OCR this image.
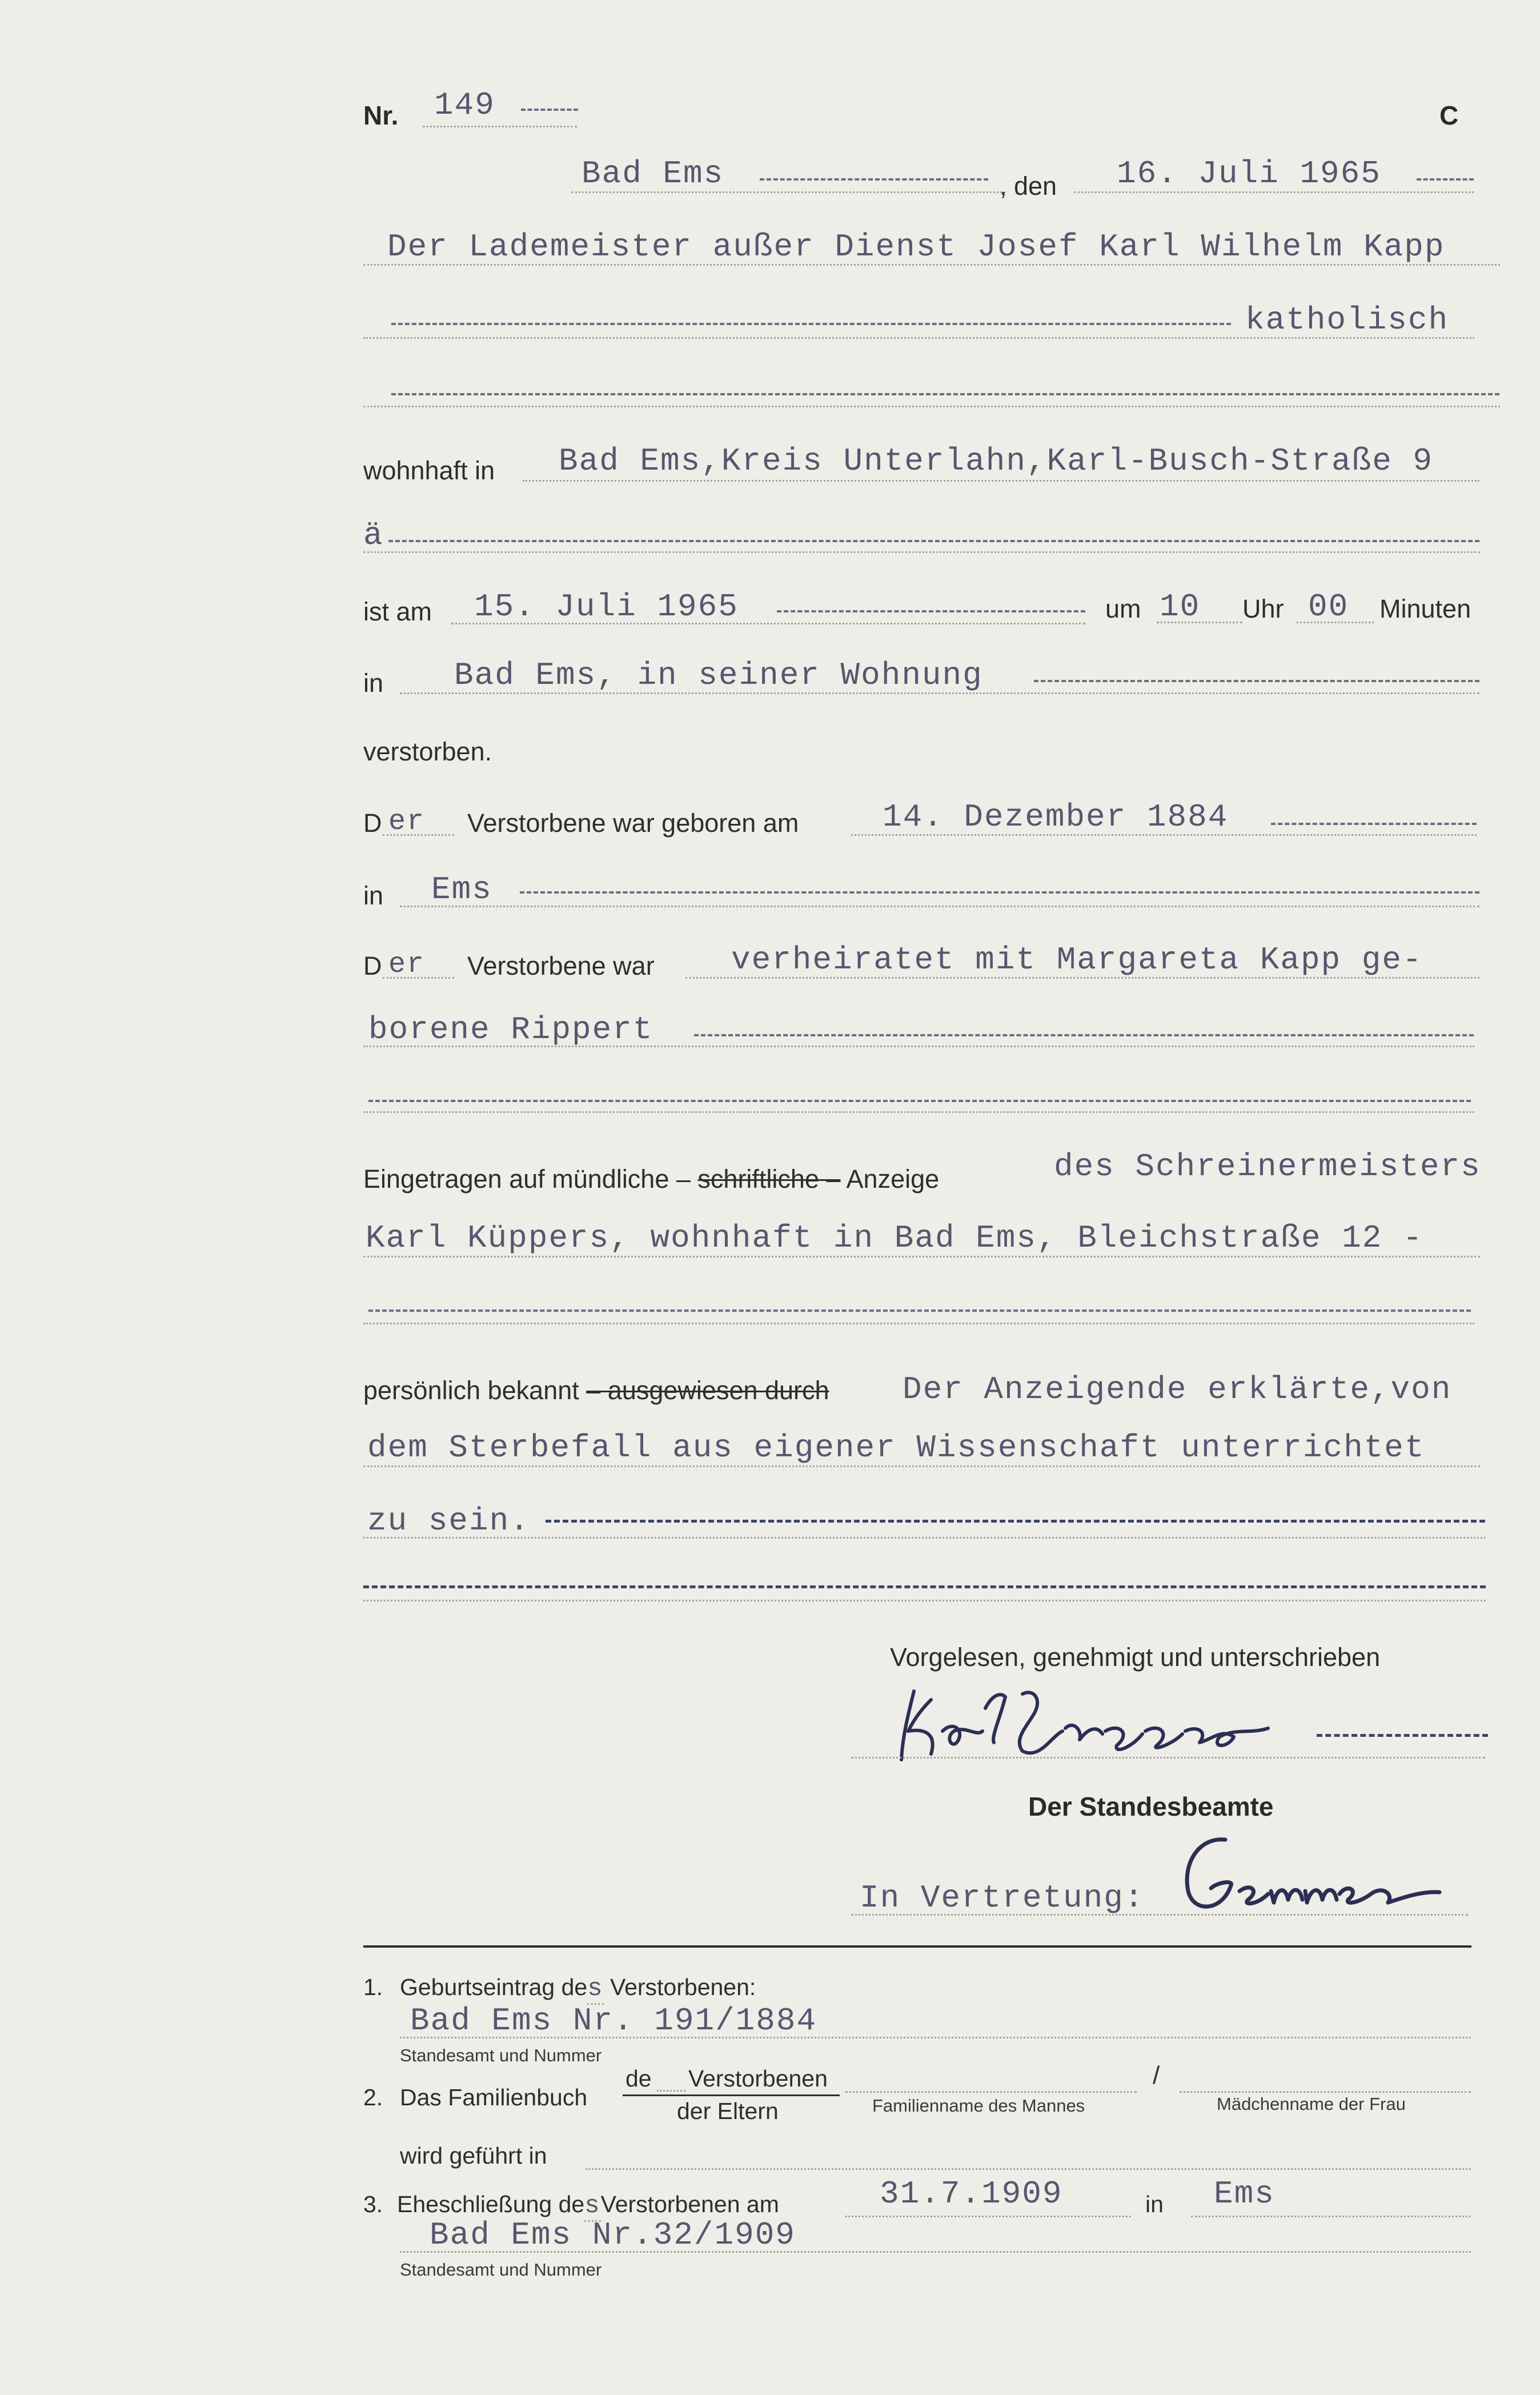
Nr. 149	C
Bad Ems	, den 16. Juli 1965
Der Lademeister außer Dienst Josef Karl Wilhelm Kapp
katholisch
wohnhaft in Bad Ems,Kreis Unterlahn,Karl-Busch-Straße 9
ä
ist am 15. Juli 1965	um 10 Uhr 00 Minuten
in Bad Ems, in seiner Wohnung
verstorben.
D er Verstorbene war geboren am	14. Dezember 1884
in Ems
D er Verstorbene war verheiratet mit Margareta Kapp ge-
borene Rippert
Eingetragen auf mündliche – schriftliche – Anzeige	des Schreinermeisters
Karl Küppers, wohnhaft in Bad Ems, Bleichstraße 12 -
persönlich bekannt – ausgewiesen durch Der Anzeigende erklärte,von
dem Sterbefall aus eigener Wissenschaft unterrichtet
zu sein.
Vorgelesen, genehmigt und unterschrieben
Der Standesbeamte
In Vertretung:
1. Geburtseintrag des Verstorbenen:
Bad Ems Nr. 191/1884
Standesamt und Nummer
2. Das Familienbuch
de Verstorbenen
der Eltern	Familienname des Mannes
/
Mädchenname der Frau
wird geführt in
3. Eheschließung desVerstorbenen am	31.7.1909	in Ems
Bad Ems Nr.32/1909
Standesamt und Nummer
